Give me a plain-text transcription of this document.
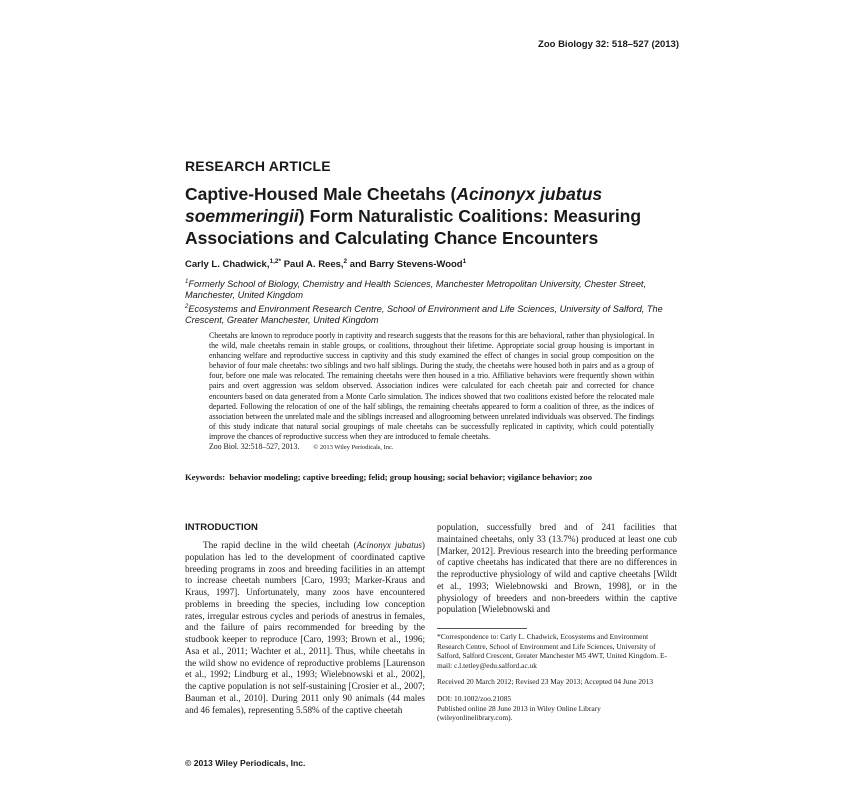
Zoo Biology 32: 518–527 (2013)
RESEARCH ARTICLE
Captive-Housed Male Cheetahs (Acinonyx jubatus soemmeringii) Form Naturalistic Coalitions: Measuring Associations and Calculating Chance Encounters
Carly L. Chadwick,$^{1,2*}$ Paul A. Rees,$^2$ and Barry Stevens-Wood$^1$

$^1$Formerly School of Biology, Chemistry and Health Sciences, Manchester Metropolitan University, Chester Street, Manchester, United Kingdom

$^2$Ecosystems and Environment Research Centre, School of Environment and Life Sciences, University of Salford, The Crescent, Greater Manchester, United Kingdom

Cheetahs are known to reproduce poorly in captivity and research suggests that the reasons for this are behavioral, rather than physiological. In the wild, male cheetahs remain in stable groups, or coalitions, throughout their lifetime. Appropriate social group housing is important in enhancing welfare and reproductive success in captivity and this study examined the effect of changes in social group composition on the behavior of four male cheetahs: two siblings and two half siblings. During the study, the cheetahs were housed both in pairs and as a group of four, before one male was relocated. The remaining cheetahs were then housed in a trio. Affiliative behaviors were frequently shown within pairs and overt aggression was seldom observed. Association indices were calculated for each cheetah pair and corrected for chance encounters based on data generated from a Monte Carlo simulation. The indices showed that two coalitions existed before the relocated male departed. Following the relocation of one of the half siblings, the remaining cheetahs appeared to form a coalition of three, as the indices of association between the unrelated male and the siblings increased and allogrooming between unrelated individuals was observed. The findings of this study indicate that natural social groupings of male cheetahs can be successfully replicated in captivity, which could potentially improve the chances of reproductive success when they are introduced to female cheetahs.
Zoo Biol. 32:518–527, 2013. © 2013 Wiley Periodicals, Inc.
Keywords: behavior modeling; captive breeding; felid; group housing; social behavior; vigilance behavior; zoo
INTRODUCTION

The rapid decline in the wild cheetah (Acinonyx jubatus) population has led to the development of coordinated captive breeding programs in zoos and breeding facilities in an attempt to increase cheetah numbers [Caro, 1993; Marker-Kraus and Kraus, 1997]. Unfortunately, many zoos have encountered problems in breeding the species, including low conception rates, irregular estrous cycles and periods of anestrus in females, and the failure of pairs recommended for breeding by the studbook keeper to reproduce [Caro, 1993; Brown et al., 1996; Asa et al., 2011; Wachter et al., 2011]. Thus, while cheetahs in the wild show no evidence of reproductive problems [Laurenson et al., 1992; Lindburg et al., 1993; Wielebnowski et al., 2002], the captive population is not self-sustaining [Crosier et al., 2007; Bauman et al., 2010]. During 2011 only 90 animals (44 males and 46 females), representing 5.58% of the captive cheetah

population, successfully bred and of 241 facilities that maintained cheetahs, only 33 (13.7%) produced at least one cub [Marker, 2012]. Previous research into the breeding performance of captive cheetahs has indicated that there are no differences in the reproductive physiology of wild and captive cheetahs [Wildt et al., 1993; Wielebnowski and Brown, 1998], or in the physiology of breeders and non-breeders within the captive population [Wielebnowski and

*Correspondence to: Carly L. Chadwick, Ecosystems and Environment Research Centre, School of Environment and Life Sciences, University of Salford, Salford Crescent, Greater Manchester M5 4WT, United Kingdom. E-mail: c.l.tetley@edu.salford.ac.uk

Received 20 March 2012; Revised 23 May 2013; Accepted 04 June 2013

DOI: 10.1002/zoo.21085

Published online 28 June 2013 in Wiley Online Library (wileyonlinelibrary.com).

© 2013 Wiley Periodicals, Inc.
